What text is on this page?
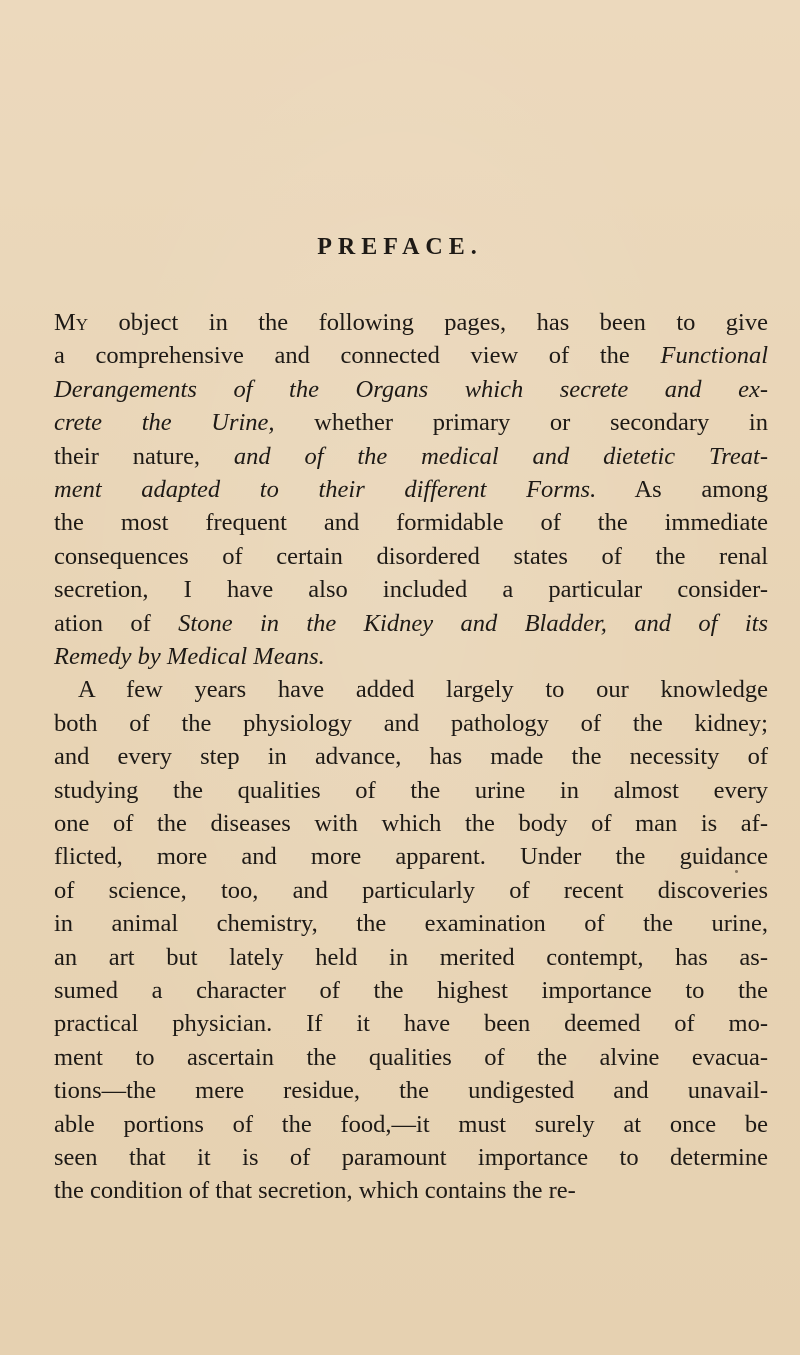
PREFACE.
My object in the following pages, has been to give
a comprehensive and connected view of the Functional
Derangements of the Organs which secrete and ex-
crete the Urine, whether primary or secondary in
their nature, and of the medical and dietetic Treat-
ment adapted to their different Forms. As among
the most frequent and formidable of the immediate
consequences of certain disordered states of the renal
secretion, I have also included a particular consider-
ation of Stone in the Kidney and Bladder, and of its
Remedy by Medical Means.
A few years have added largely to our knowledge
both of the physiology and pathology of the kidney;
and every step in advance, has made the necessity of
studying the qualities of the urine in almost every
one of the diseases with which the body of man is af-
flicted, more and more apparent. Under the guidance
of science, too, and particularly of recent discoveries
in animal chemistry, the examination of the urine,
an art but lately held in merited contempt, has as-
sumed a character of the highest importance to the
practical physician. If it have been deemed of mo-
ment to ascertain the qualities of the alvine evacua-
tions—the mere residue, the undigested and unavail-
able portions of the food,—it must surely at once be
seen that it is of paramount importance to determine
the condition of that secretion, which contains the re-
